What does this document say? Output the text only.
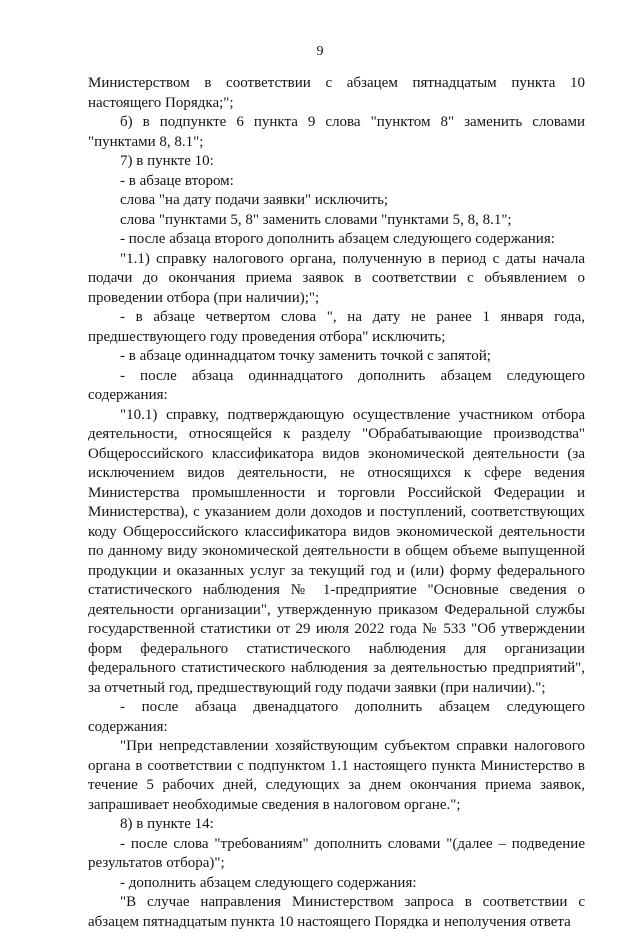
9

Министерством в соответствии с абзацем пятнадцатым пункта 10 настоящего Порядка;";

б) в подпункте 6 пункта 9 слова "пунктом 8" заменить словами "пунктами 8, 8.1";

7) в пункте 10:

- в абзаце втором:

слова "на дату подачи заявки" исключить;

слова "пунктами 5, 8" заменить словами "пунктами 5, 8, 8.1";

- после абзаца второго дополнить абзацем следующего содержания:

"1.1) справку налогового органа, полученную в период с даты начала подачи до окончания приема заявок в соответствии с объявлением о проведении отбора (при наличии);";

- в абзаце четвертом слова ", на дату не ранее 1 января года, предшествующего году проведения отбора" исключить;

- в абзаце одиннадцатом точку заменить точкой с запятой;

- после абзаца одиннадцатого дополнить абзацем следующего содержания:

"10.1) справку, подтверждающую осуществление участником отбора деятельности, относящейся к разделу "Обрабатывающие производства" Общероссийского классификатора видов экономической деятельности (за исключением видов деятельности, не относящихся к сфере ведения Министерства промышленности и торговли Российской Федерации и Министерства), с указанием доли доходов и поступлений, соответствующих коду Общероссийского классификатора видов экономической деятельности по данному виду экономической деятельности в общем объеме выпущенной продукции и оказанных услуг за текущий год и (или) форму федерального статистического наблюдения № 1-предприятие "Основные сведения о деятельности организации", утвержденную приказом Федеральной службы государственной статистики от 29 июля 2022 года № 533 "Об утверждении форм федерального статистического наблюдения для организации федерального статистического наблюдения за деятельностью предприятий", за отчетный год, предшествующий году подачи заявки (при наличии).";

- после абзаца двенадцатого дополнить абзацем следующего содержания:

"При непредставлении хозяйствующим субъектом справки налогового органа в соответствии с подпунктом 1.1 настоящего пункта Министерство в течение 5 рабочих дней, следующих за днем окончания приема заявок, запрашивает необходимые сведения в налоговом органе.";

8) в пункте 14:

- после слова "требованиям" дополнить словами "(далее – подведение результатов отбора)";

- дополнить абзацем следующего содержания:

"В случае направления Министерством запроса в соответствии с абзацем пятнадцатым пункта 10 настоящего Порядка и неполучения ответа
